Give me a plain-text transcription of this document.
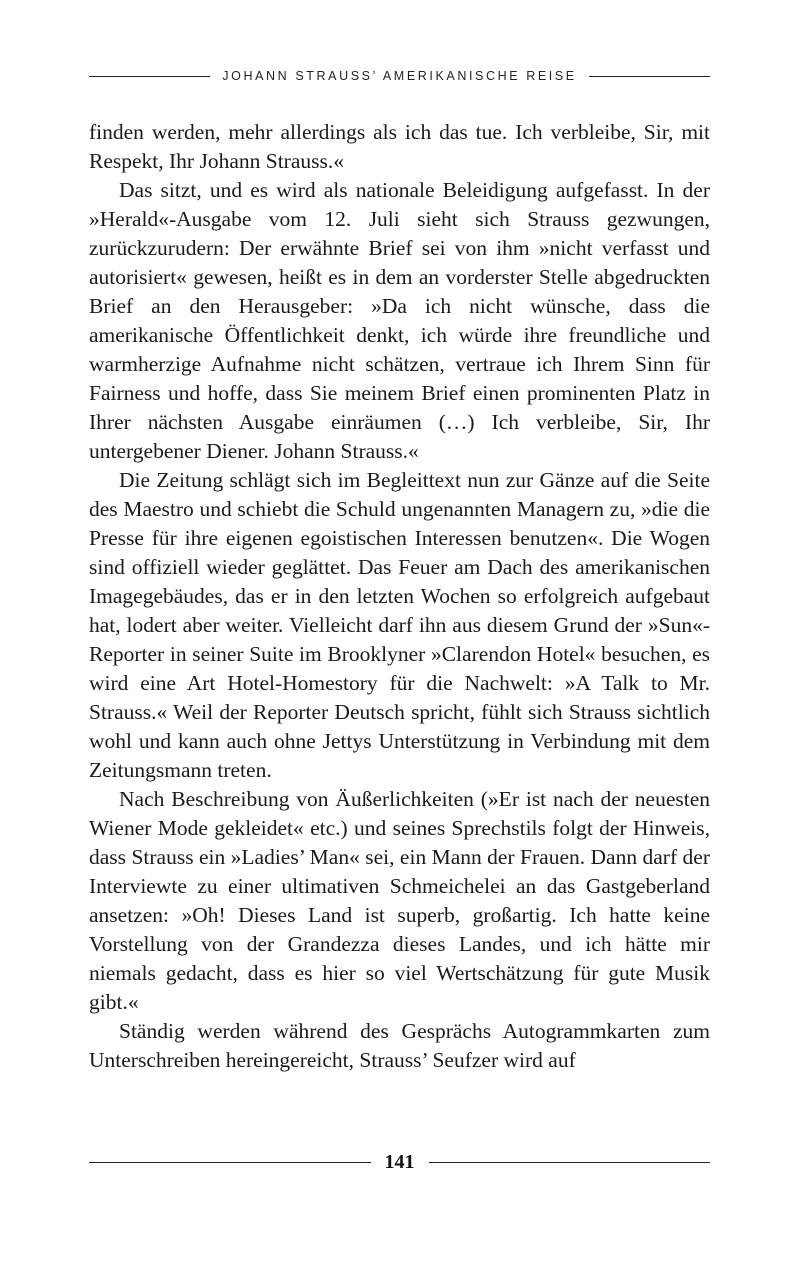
JOHANN STRAUSS’ AMERIKANISCHE REISE

finden werden, mehr allerdings als ich das tue. Ich verbleibe, Sir, mit Respekt, Ihr Johann Strauss.«

Das sitzt, und es wird als nationale Beleidigung aufgefasst. In der »Herald«-Ausgabe vom 12. Juli sieht sich Strauss gezwungen, zurückzurudern: Der erwähnte Brief sei von ihm »nicht verfasst und autorisiert« gewesen, heißt es in dem an vorderster Stelle abgedruckten Brief an den Herausgeber: »Da ich nicht wünsche, dass die amerikanische Öffentlichkeit denkt, ich würde ihre freundliche und warmherzige Aufnahme nicht schätzen, vertraue ich Ihrem Sinn für Fairness und hoffe, dass Sie meinem Brief einen prominenten Platz in Ihrer nächsten Ausgabe einräumen (…) Ich verbleibe, Sir, Ihr untergebener Diener. Johann Strauss.«

Die Zeitung schlägt sich im Begleittext nun zur Gänze auf die Seite des Maestro und schiebt die Schuld ungenannten Managern zu, »die die Presse für ihre eigenen egoistischen Interessen benutzen«. Die Wogen sind offiziell wieder geglättet. Das Feuer am Dach des amerikanischen Imagegebäudes, das er in den letzten Wochen so erfolgreich aufgebaut hat, lodert aber weiter. Vielleicht darf ihn aus diesem Grund der »Sun«-Reporter in seiner Suite im Brooklyner »Clarendon Hotel« besuchen, es wird eine Art Hotel-Homestory für die Nachwelt: »A Talk to Mr. Strauss.« Weil der Reporter Deutsch spricht, fühlt sich Strauss sichtlich wohl und kann auch ohne Jettys Unterstützung in Verbindung mit dem Zeitungsmann treten.

Nach Beschreibung von Äußerlichkeiten (»Er ist nach der neuesten Wiener Mode gekleidet« etc.) und seines Sprechstils folgt der Hinweis, dass Strauss ein »Ladies’ Man« sei, ein Mann der Frauen. Dann darf der Interviewte zu einer ultimativen Schmeichelei an das Gastgeberland ansetzen: »Oh! Dieses Land ist superb, großartig. Ich hatte keine Vorstellung von der Grandezza dieses Landes, und ich hätte mir niemals gedacht, dass es hier so viel Wertschätzung für gute Musik gibt.«

Ständig werden während des Gesprächs Autogrammkarten zum Unterschreiben hereingereicht, Strauss’ Seufzer wird auf

141
